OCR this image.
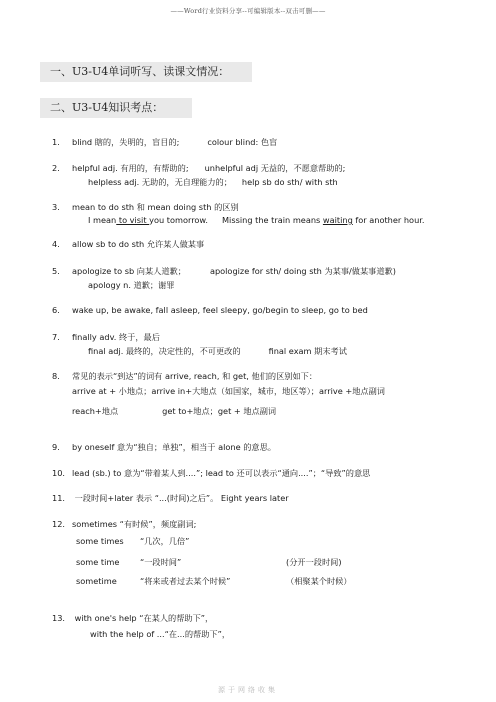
——Word行业资料分享--可编辑版本--双击可删——
一、U3-U4单词听写、读课文情况：
二、U3-U4知识考点：
1. blind 瞎的，失明的，盲目的;	colour blind: 色盲
2. helpful adj. 有用的，有帮助的; unhelpful adj 无益的，不愿意帮助的;
helpless adj. 无助的，无自理能力的； help sb do sth/ with sth
3. mean to do sth 和 mean doing sth 的区别
I mean to visit you tomorrow. Missing the train means waiting for another hour.
4. allow sb to do sth 允许某人做某事
5. apologize to sb 向某人道歉；	apologize for sth/ doing sth 为某事/做某事道歉)
apology n. 道歉；谢罪
6. wake up, be awake, fall asleep, feel sleepy, go/begin to sleep, go to bed
7. finally adv. 终于，最后
final adj. 最终的，决定性的，不可更改的	final exam 期末考试
8. 常见的表示“到达”的词有 arrive, reach, 和 get, 他们的区别如下：
arrive at + 小地点；arrive in+大地点（如国家，城市，地区等）；arrive +地点副词
reach+地点	get to+地点；get + 地点副词
9. by oneself 意为“独自；单独”，相当于 alone 的意思。
10. lead (sb.) to 意为“带着某人到....”; lead to 还可以表示“通向....”；“导致”的意思
11. 一段时间+later 表示 “...(时间)之后”。 Eight years later
12. sometimes “有时候”，频度副词;
some times “几次，几倍”
some time	“一段时间”	(分开一段时间)
sometime	“将来或者过去某个时候”	（相聚某个时候）
13. with one's help “在某人的帮助下”，
with the help of ...“在...的帮助下”，
源于网络收集
